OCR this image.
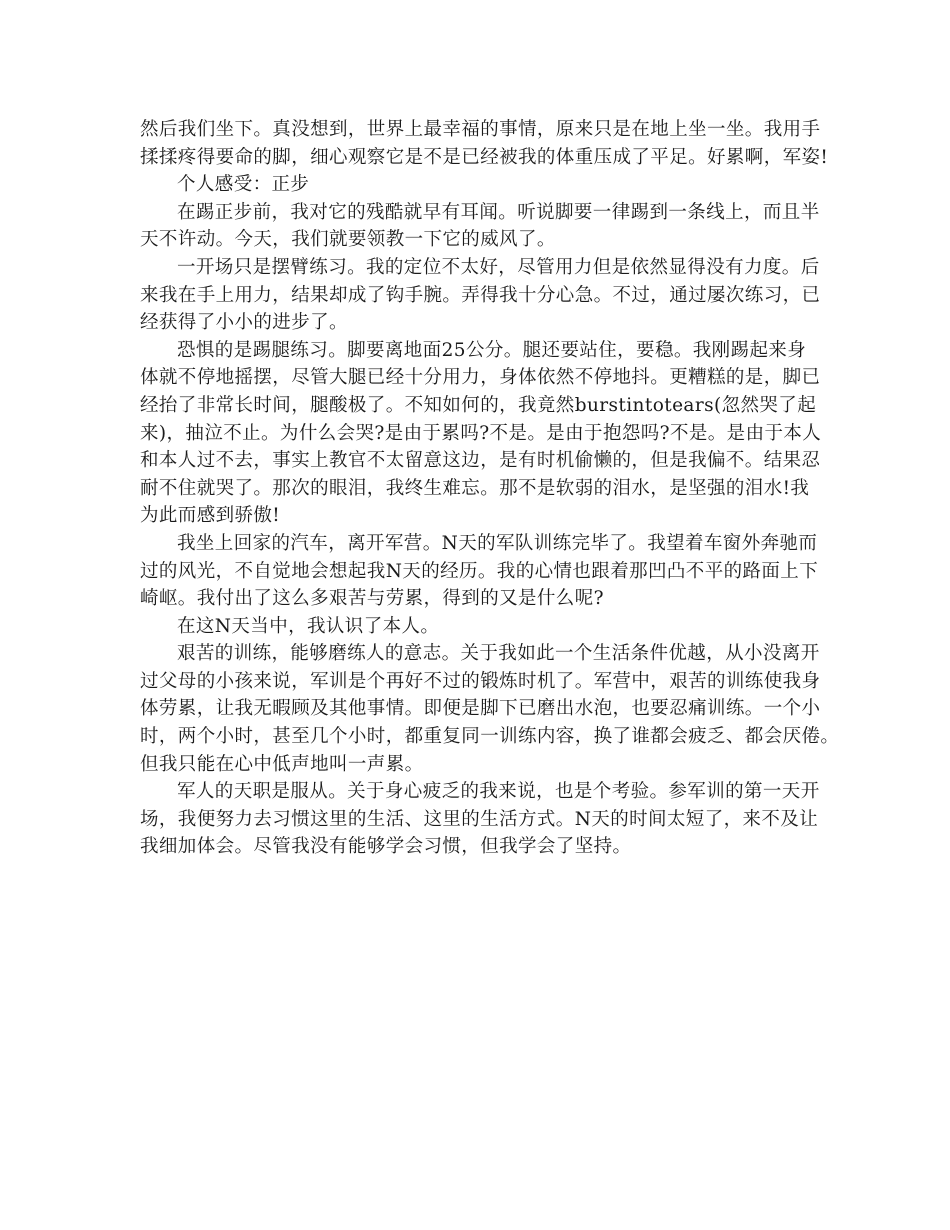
然后我们坐下。真没想到，世界上最幸福的事情，原来只是在地上坐一坐。我用手
揉揉疼得要命的脚，细心观察它是不是已经被我的体重压成了平足。好累啊，军姿!
个人感受：正步
在踢正步前，我对它的残酷就早有耳闻。听说脚要一律踢到一条线上，而且半
天不许动。今天，我们就要领教一下它的威风了。
一开场只是摆臂练习。我的定位不太好，尽管用力但是依然显得没有力度。后
来我在手上用力，结果却成了钩手腕。弄得我十分心急。不过，通过屡次练习，已
经获得了小小的进步了。
恐惧的是踢腿练习。脚要离地面25公分。腿还要站住，要稳。我刚踢起来身
体就不停地摇摆，尽管大腿已经十分用力，身体依然不停地抖。更糟糕的是，脚已
经抬了非常长时间，腿酸极了。不知如何的，我竟然burstintotears(忽然哭了起
来)，抽泣不止。为什么会哭?是由于累吗?不是。是由于抱怨吗?不是。是由于本人
和本人过不去，事实上教官不太留意这边，是有时机偷懒的，但是我偏不。结果忍
耐不住就哭了。那次的眼泪，我终生难忘。那不是软弱的泪水，是坚强的泪水!我
为此而感到骄傲!
我坐上回家的汽车，离开军营。N天的军队训练完毕了。我望着车窗外奔驰而
过的风光，不自觉地会想起我N天的经历。我的心情也跟着那凹凸不平的路面上下
崎岖。我付出了这么多艰苦与劳累，得到的又是什么呢?
在这N天当中，我认识了本人。
艰苦的训练，能够磨练人的意志。关于我如此一个生活条件优越，从小没离开
过父母的小孩来说，军训是个再好不过的锻炼时机了。军营中，艰苦的训练使我身
体劳累，让我无暇顾及其他事情。即便是脚下已磨出水泡，也要忍痛训练。一个小
时，两个小时，甚至几个小时，都重复同一训练内容，换了谁都会疲乏、都会厌倦。
但我只能在心中低声地叫一声累。
军人的天职是服从。关于身心疲乏的我来说，也是个考验。参军训的第一天开
场，我便努力去习惯这里的生活、这里的生活方式。N天的时间太短了，来不及让
我细加体会。尽管我没有能够学会习惯，但我学会了坚持。
